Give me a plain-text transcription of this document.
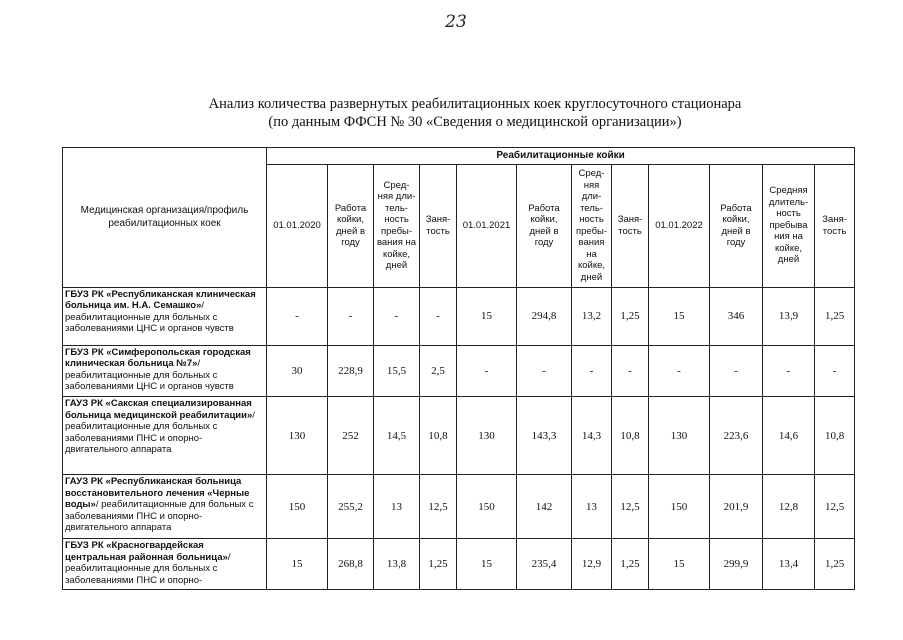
23
Анализ количества развернутых реабилитационных коек круглосуточного стационара
(по данным ФФСН № 30 «Сведения о медицинской организации»)
Медицинская организация/профиль реабилитационных коек	Реабилитационные койки											
	01.01.2020	Работа койки, дней в году	Сред- няя дли- тель- ность пребы- вания на койке, дней	Заня- тость	01.01.2021	Работа койки, дней в году	Сред- няя дли- тель- ность пребы- вания на койке, дней	Заня- тость	01.01.2022	Работа койки, дней в году	Средняя длитель- ность пребыва ния на койке, дней	Заня- тость
ГБУЗ РК «Республиканская клиническая больница им. Н.А. Семашко»/реабилитационные для больных с заболеваниями ЦНС и органов чувств	-	-	-	-	15	294,8	13,2	1,25	15	346	13,9	1,25
ГБУЗ РК «Симферопольская городская клиническая больница №7»/ реабилитационные для больных с заболеваниями ЦНС и органов чувств	30	228,9	15,5	2,5	-	-	-	-	-	-	-	-
ГАУЗ РК «Сакская специализированная больница медицинской реабилитации»/ реабилитационные для больных с заболеваниями ПНС и опорно-двигательного аппарата	130	252	14,5	10,8	130	143,3	14,3	10,8	130	223,6	14,6	10,8
ГАУЗ РК «Республиканская больница восстановительного лечения «Черные воды»/ реабилитационные для больных с заболеваниями ПНС и опорно-двигательного аппарата	150	255,2	13	12,5	150	142	13	12,5	150	201,9	12,8	12,5
ГБУЗ РК «Красногвардейская центральная районная больница»/ реабилитационные для больных с заболеваниями ПНС и опорно-	15	268,8	13,8	1,25	15	235,4	12,9	1,25	15	299,9	13,4	1,25
